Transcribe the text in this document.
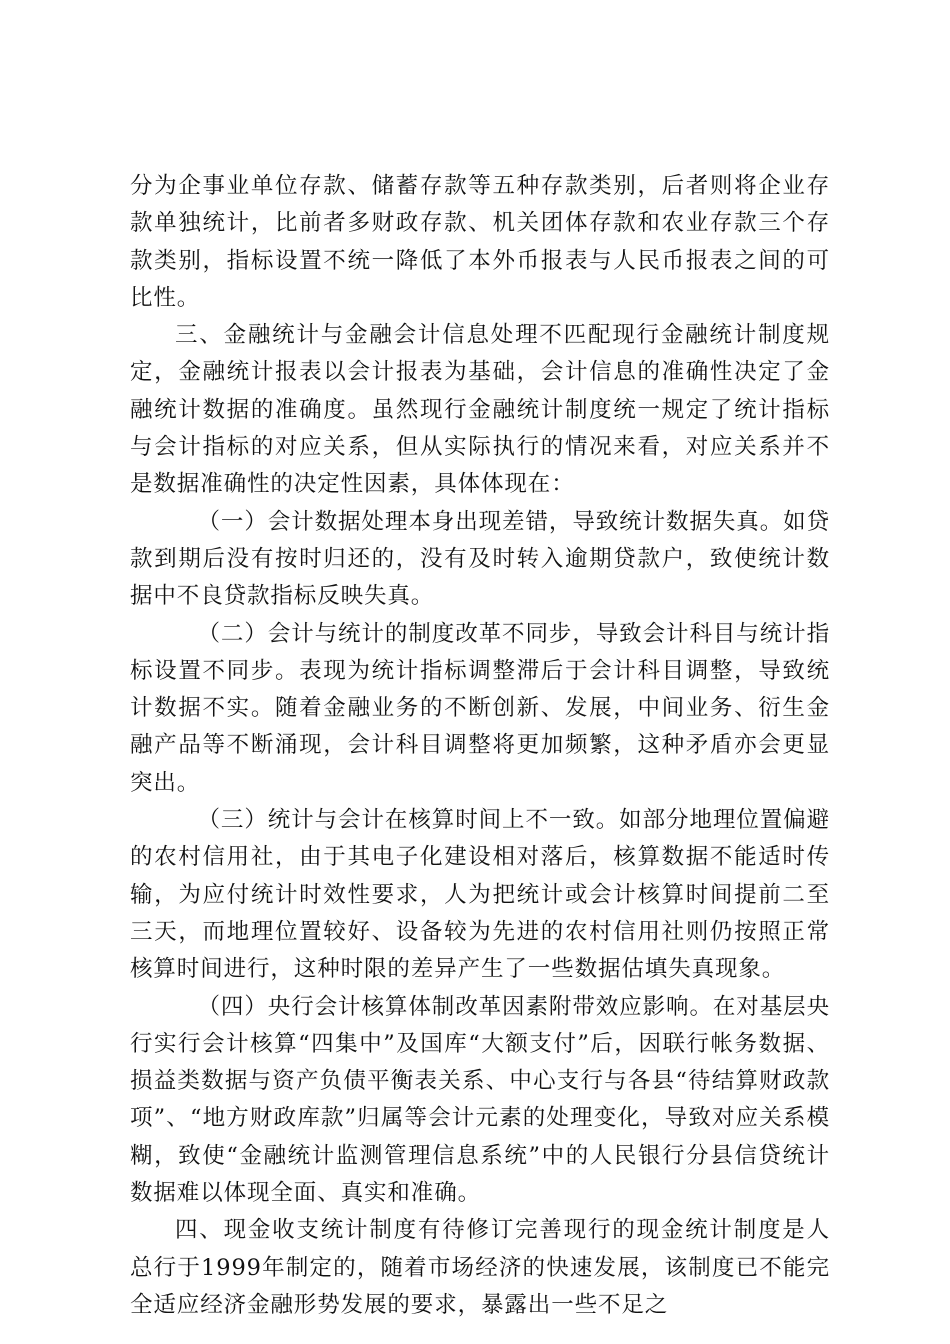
分为企事业单位存款、储蓄存款等五种存款类别，后者则将企业存款单独统计，比前者多财政存款、机关团体存款和农业存款三个存款类别，指标设置不统一降低了本外币报表与人民币报表之间的可比性。

三、金融统计与金融会计信息处理不匹配现行金融统计制度规定，金融统计报表以会计报表为基础，会计信息的准确性决定了金融统计数据的准确度。虽然现行金融统计制度统一规定了统计指标与会计指标的对应关系，但从实际执行的情况来看，对应关系并不是数据准确性的决定性因素，具体体现在：

（一）会计数据处理本身出现差错，导致统计数据失真。如贷款到期后没有按时归还的，没有及时转入逾期贷款户，致使统计数据中不良贷款指标反映失真。

（二）会计与统计的制度改革不同步，导致会计科目与统计指标设置不同步。表现为统计指标调整滞后于会计科目调整，导致统计数据不实。随着金融业务的不断创新、发展，中间业务、衍生金融产品等不断涌现，会计科目调整将更加频繁，这种矛盾亦会更显突出。

（三）统计与会计在核算时间上不一致。如部分地理位置偏避的农村信用社，由于其电子化建设相对落后，核算数据不能适时传输，为应付统计时效性要求，人为把统计或会计核算时间提前二至三天，而地理位置较好、设备较为先进的农村信用社则仍按照正常核算时间进行，这种时限的差异产生了一些数据估填失真现象。

（四）央行会计核算体制改革因素附带效应影响。在对基层央行实行会计核算“四集中”及国库“大额支付”后，因联行帐务数据、损益类数据与资产负债平衡表关系、中心支行与各县“待结算财政款项”、“地方财政库款”归属等会计元素的处理变化，导致对应关系模糊，致使“金融统计监测管理信息系统”中的人民银行分县信贷统计数据难以体现全面、真实和准确。

四、现金收支统计制度有待修订完善现行的现金统计制度是人总行于1999年制定的，随着市场经济的快速发展，该制度已不能完全适应经济金融形势发展的要求，暴露出一些不足之
